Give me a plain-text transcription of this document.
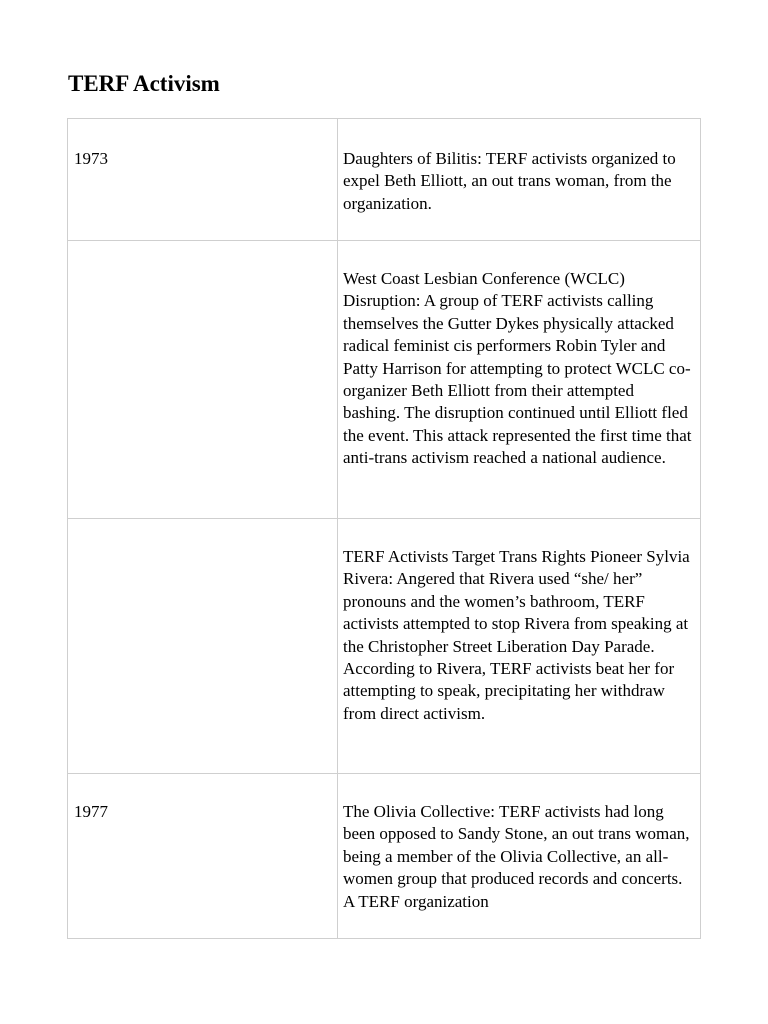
TERF Activism
1973	Daughters of Bilitis: TERF activists organized to expel Beth Elliott, an out trans woman, from the organization.

	West Coast Lesbian Conference (WCLC) Disruption: A group of TERF activists calling themselves the Gutter Dykes physically attacked radical feminist cis performers Robin Tyler and Patty Harrison for attempting to protect WCLC co-organizer Beth Elliott from their attempted bashing. The disruption continued until Elliott fled the event. This attack represented the first time that anti-trans activism reached a national audience.

	TERF Activists Target Trans Rights Pioneer Sylvia Rivera: Angered that Rivera used “she/ her” pronouns and the women’s bathroom, TERF activists attempted to stop Rivera from speaking at the Christopher Street Liberation Day Parade. According to Rivera, TERF activists beat her for attempting to speak, precipitating her withdraw from direct activism.

1977	The Olivia Collective: TERF activists had long been opposed to Sandy Stone, an out trans woman, being a member of the Olivia Collective, an all-women group that produced records and concerts. A TERF organization
